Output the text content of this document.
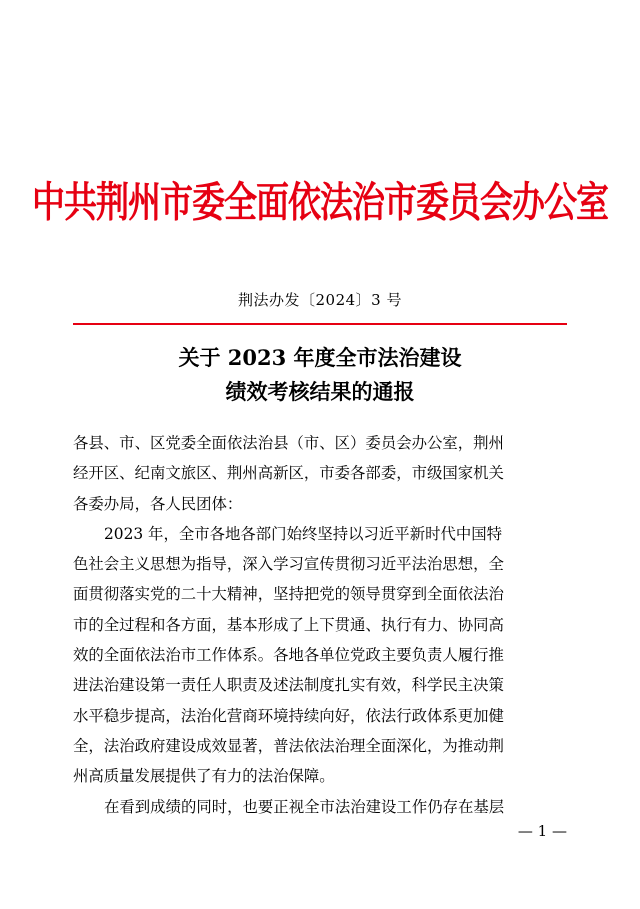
中共荆州市委全面依法治市委员会办公室
荆法办发〔2024〕3 号
关于 2023 年度全市法治建设
绩效考核结果的通报
各县、市、区党委全面依法治县（市、区）委员会办公室，荆州
经开区、纪南文旅区、荆州高新区，市委各部委，市级国家机关
各委办局，各人民团体：
2023 年，全市各地各部门始终坚持以习近平新时代中国特
色社会主义思想为指导，深入学习宣传贯彻习近平法治思想，全
面贯彻落实党的二十大精神，坚持把党的领导贯穿到全面依法治
市的全过程和各方面，基本形成了上下贯通、执行有力、协同高
效的全面依法治市工作体系。各地各单位党政主要负责人履行推
进法治建设第一责任人职责及述法制度扎实有效，科学民主决策
水平稳步提高，法治化营商环境持续向好，依法行政体系更加健
全，法治政府建设成效显著，普法依法治理全面深化，为推动荆
州高质量发展提供了有力的法治保障。
在看到成绩的同时，也要正视全市法治建设工作仍存在基层
— 1 —
